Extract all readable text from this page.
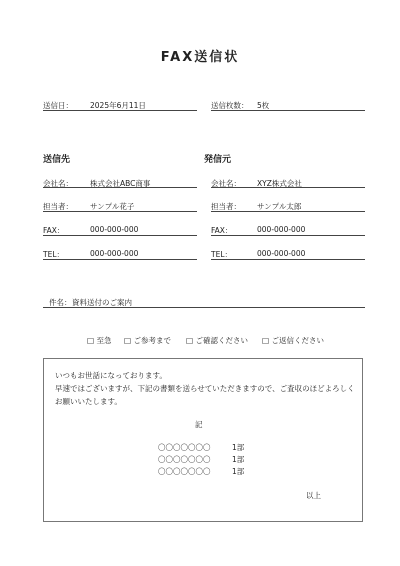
FAX送信状
送信日： 2025年6月11日	送信枚数： 5枚
送信先
会社名： 株式会社ABC商事
担当者： サンプル花子
FAX：	000-000-000
TEL：	000-000-000
発信元
会社名： XYZ株式会社
担当者： サンプル太郎
FAX：	000-000-000
TEL：	000-000-000
件名： 資料送付のご案内
□ 至急 □ ご参考まで □ ご確認ください □ ご返信ください
いつもお世話になっております。
早速ではございますが、下記の書類を送らせていただきますので、ご査収のほどよろしく
お願いいたします。
記
〇〇〇〇〇〇〇	1部
〇〇〇〇〇〇〇	1部
〇〇〇〇〇〇〇	1部
以上
